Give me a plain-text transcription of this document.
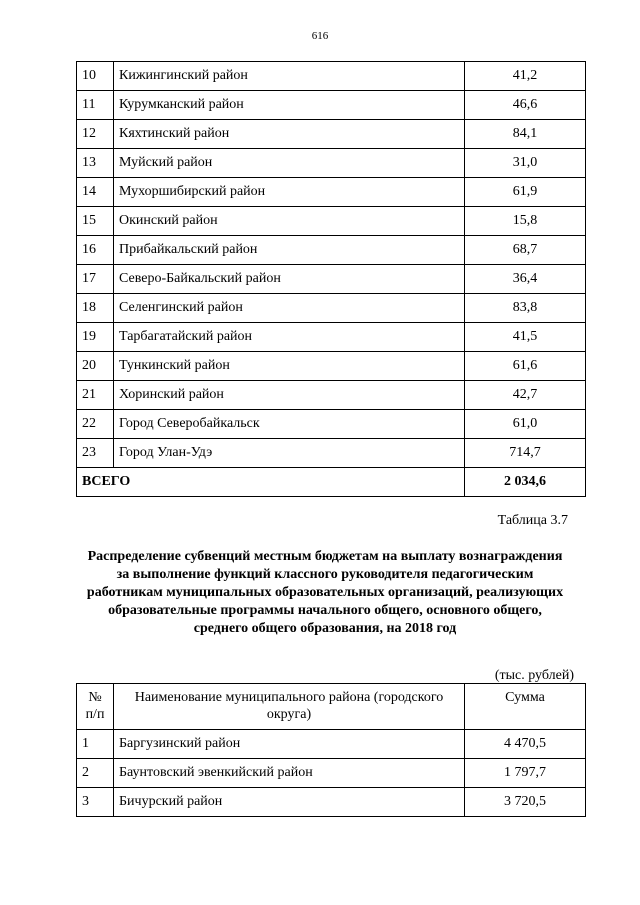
616
10	Кижингинский район	41,2
11	Курумканский район	46,6
12	Кяхтинский район	84,1
13	Муйский район	31,0
14	Мухоршибирский район	61,9
15	Окинский район	15,8
16	Прибайкальский район	68,7
17	Северо-Байкальский район	36,4
18	Селенгинский район	83,8
19	Тарбагатайский район	41,5
20	Тункинский район	61,6
21	Хоринский район	42,7
22	Город Северобайкальск	61,0
23	Город Улан-Удэ	714,7
ВСЕГО		2 034,6
Таблица 3.7
Распределение субвенций местным бюджетам на выплату вознаграждения за выполнение функций классного руководителя педагогическим работникам муниципальных образовательных организаций, реализующих образовательные программы начального общего, основного общего, среднего общего образования, на 2018 год
(тыс. рублей)
№ п/п	Наименование муниципального района (городского округа)	Сумма
1	Баргузинский район	4 470,5
2	Баунтовский эвенкийский район	1 797,7
3	Бичурский район	3 720,5
